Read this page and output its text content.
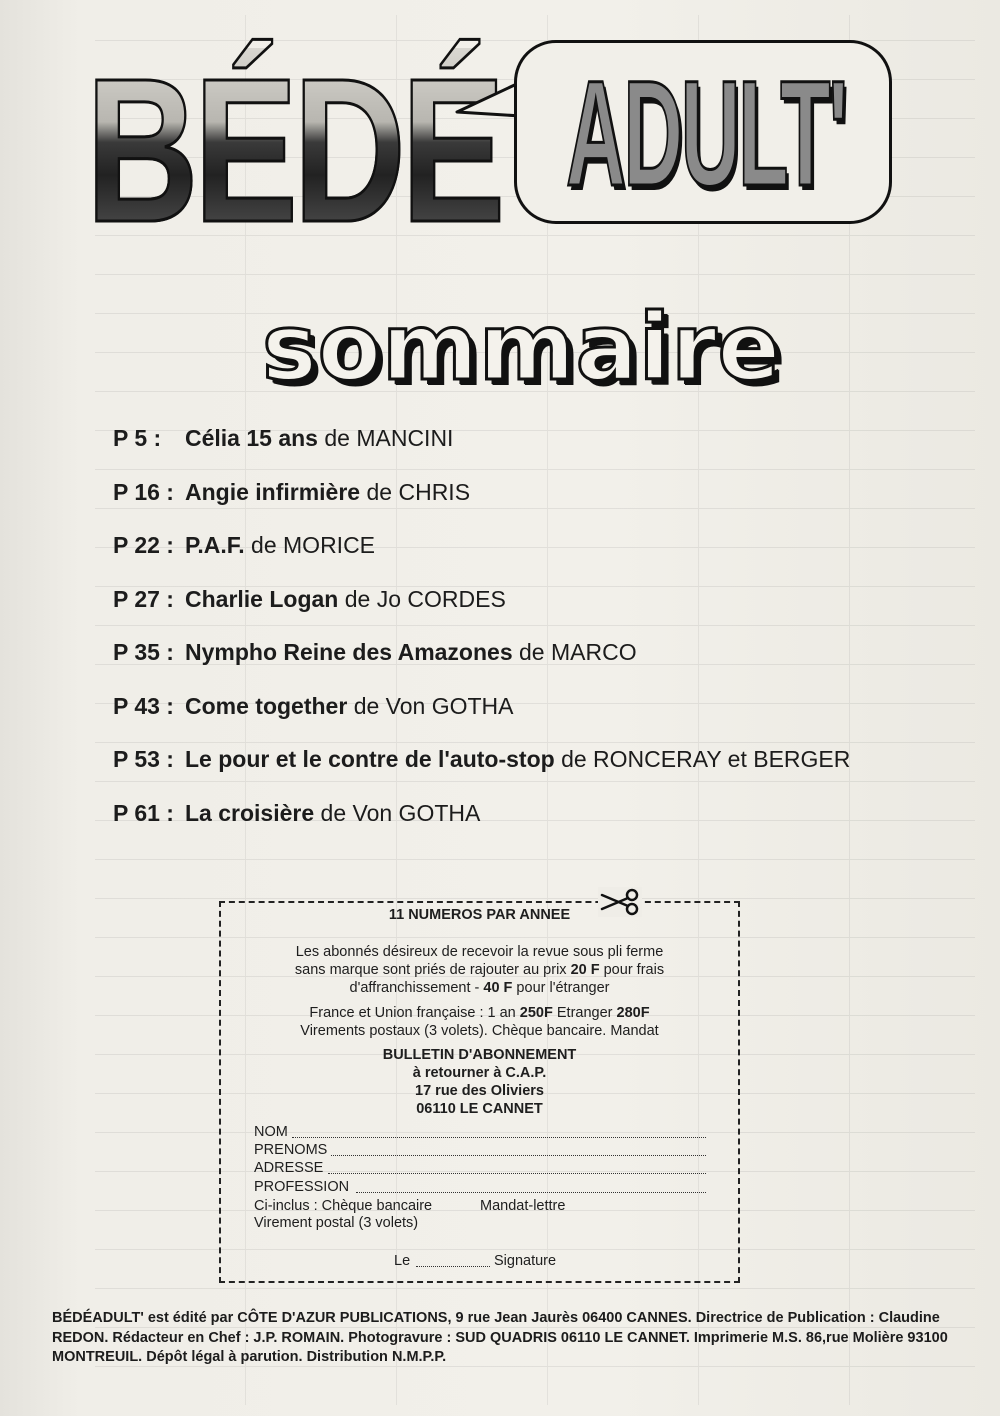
BÉDÉ ADULT'
sommaire
P 5 : Célia 15 ans de MANCINI
P 16 : Angie infirmière de CHRIS
P 22 : P.A.F. de MORICE
P 27 : Charlie Logan de Jo CORDES
P 35 : Nympho Reine des Amazones de MARCO
P 43 : Come together de Von GOTHA
P 53 : Le pour et le contre de l'auto-stop de RONCERAY et BERGER
P 61 : La croisière de Von GOTHA
11 NUMEROS PAR ANNEE
Les abonnés désireux de recevoir la revue sous pli ferme
sans marque sont priés de rajouter au prix 20 F pour frais
d'affranchissement - 40 F pour l'étranger
France et Union française : 1 an 250F Etranger 280F
Virements postaux (3 volets). Chèque bancaire. Mandat
BULLETIN D'ABONNEMENT
à retourner à C.A.P.
17 rue des Oliviers
06110 LE CANNET
NOM
PRENOMS
ADRESSE
PROFESSION
Ci-inclus : Chèque bancaire	Mandat-lettre
Virement postal (3 volets)
Le	Signature
BÉDÉADULT' est édité par CÔTE D'AZUR PUBLICATIONS, 9 rue Jean Jaurès 06400 CANNES. Directrice de Publication : Claudine REDON. Rédacteur en Chef : J.P. ROMAIN. Photogravure : SUD QUADRIS 06110 LE CANNET. Imprimerie M.S. 86,rue Molière 93100 MONTREUIL. Dépôt légal à parution. Distribution N.M.P.P.
